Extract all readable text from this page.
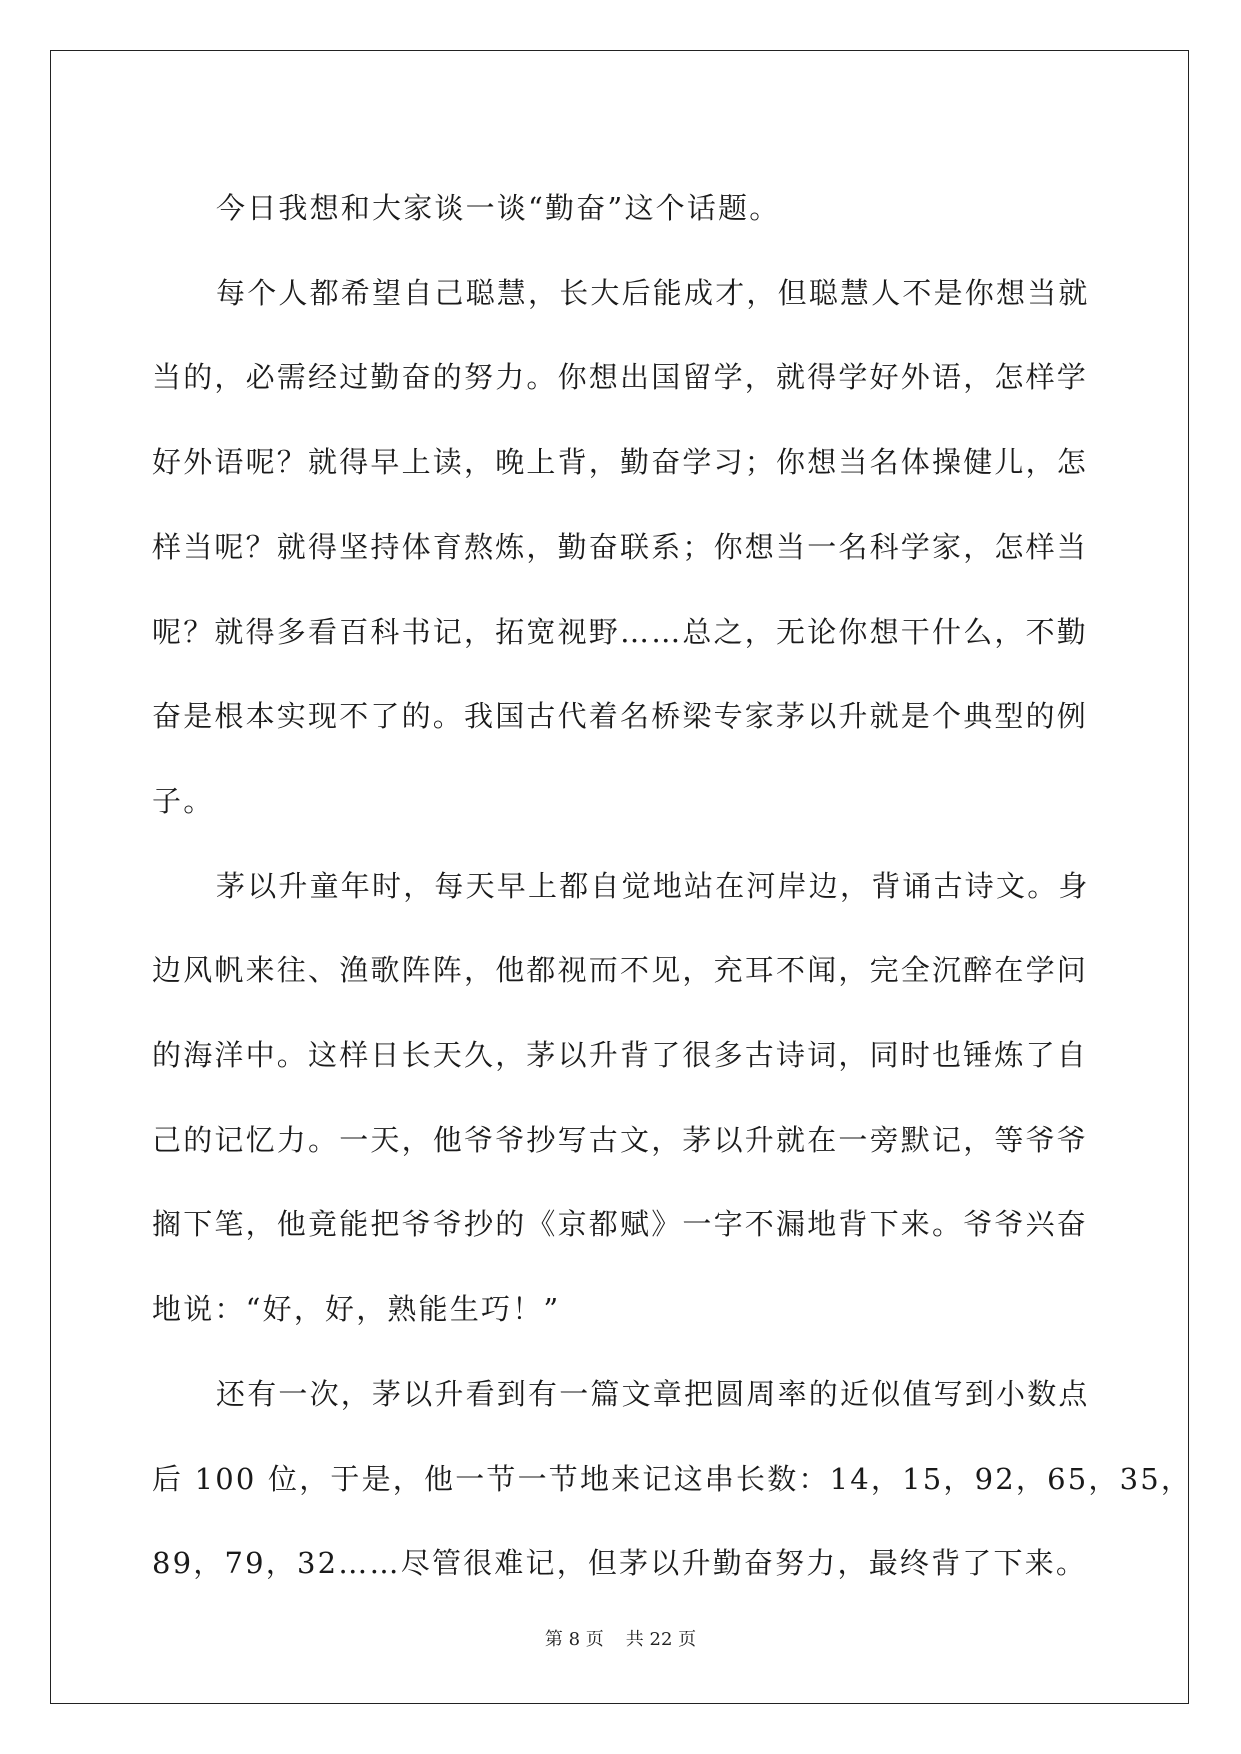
今日我想和大家谈一谈“勤奋”这个话题。

每个人都希望自己聪慧，长大后能成才，但聪慧人不是你想当就

当的，必需经过勤奋的努力。你想出国留学，就得学好外语，怎样学

好外语呢？就得早上读，晚上背，勤奋学习；你想当名体操健儿，怎

样当呢？就得坚持体育熬炼，勤奋联系；你想当一名科学家，怎样当

呢？就得多看百科书记，拓宽视野……总之，无论你想干什么，不勤

奋是根本实现不了的。我国古代着名桥梁专家茅以升就是个典型的例

子。

茅以升童年时，每天早上都自觉地站在河岸边，背诵古诗文。身

边风帆来往、渔歌阵阵，他都视而不见，充耳不闻，完全沉醉在学问

的海洋中。这样日长天久，茅以升背了很多古诗词，同时也锤炼了自

己的记忆力。一天，他爷爷抄写古文，茅以升就在一旁默记，等爷爷

搁下笔，他竟能把爷爷抄的《京都赋》一字不漏地背下来。爷爷兴奋

地说：“好，好，熟能生巧！”

还有一次，茅以升看到有一篇文章把圆周率的近似值写到小数点

后 100 位，于是，他一节一节地来记这串长数：14，15，92，65，35，

89，79，32……尽管很难记，但茅以升勤奋努力，最终背了下来。

第 8 页 共 22 页
